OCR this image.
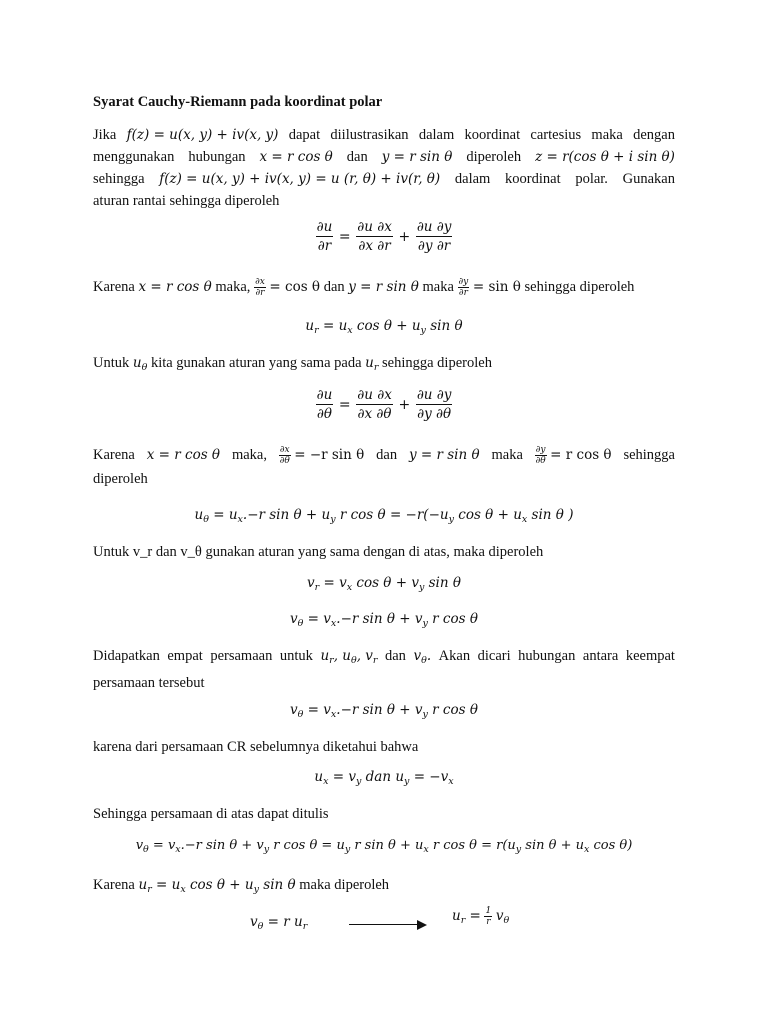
Syarat Cauchy-Riemann pada koordinat polar
Jika f(z) = u(x, y) + iv(x, y) dapat diilustrasikan dalam koordinat cartesius maka dengan
menggunakan hubungan x = r cos θ dan y = r sin θ diperoleh z = r(cos θ + i sin θ)
sehingga f(z) = u(x, y) + iv(x, y) = u (r, θ) + iv(r, θ) dalam koordinat polar. Gunakan
aturan rantai sehingga diperoleh
$\frac{\partial u}{\partial r} = \frac{\partial u \partial x}{\partial x \partial r} + \frac{\partial u \partial y}{\partial y \partial r}$
Karena x = r cos θ maka, $\frac{\partial x}{\partial r} = \cos \theta$ dan y = r sin θ maka $\frac{\partial y}{\partial r} = \sin \theta$ sehingga diperoleh
$u_r = u_x$ $\cos \theta + u_y$ sin θ
Untuk $u_\theta$ kita gunakan aturan yang sama pada $u_r$ sehingga diperoleh
$\frac{\partial u}{\partial\theta} = \frac{\partial u \partial x}{\partial x \partial\theta} + \frac{\partial u \partial y}{\partial y \partial\theta}$
Karena x = r cos θ maka, $\frac{\partial x}{\partial\theta} = -r$ sin θ dan y = r sin θ maka $\frac{\partial y}{\partial\theta} = r$ cos θ sehingga
diperoleh
$u_\theta = u_x.-r$ $\sin \theta + u_y$ r $\cos \theta = -r(-u_y$ $\cos \theta + u_x$ sin θ )
Untuk v_r dan v_θ gunakan aturan yang sama dengan di atas, maka diperoleh
$v_r = v_x$ $\cos \theta + v_y$ sin θ
$v_\theta = v_x.-r$ $\sin \theta + v_y$ r cos θ
Didapatkan empat persamaan untuk $u_r$, $u_\theta$, $v_r$ dan $v_\theta$. Akan dicari hubungan antara keempat
persamaan tersebut
$v_\theta = v_x.-r$ $\sin \theta + v_y$ r cos θ
karena dari persamaan CR sebelumnya diketahui bahwa
$u_x = v_y$ dan $u_y = -v_x$
Sehingga persamaan di atas dapat ditulis
$v_\theta = v_x.-r$ $\sin \theta + v_y$ r $\cos \theta = u_y$ r $\sin \theta + u_x$ r $\cos \theta = r(u_y$ $\sin \theta + u_x$ cos θ)
Karena $u_r = u_x$ $\cos \theta + u_y$ sin θ maka diperoleh
$v_\theta = r$ $u_r$
$u_r = \frac{1}{r} v_\theta$
